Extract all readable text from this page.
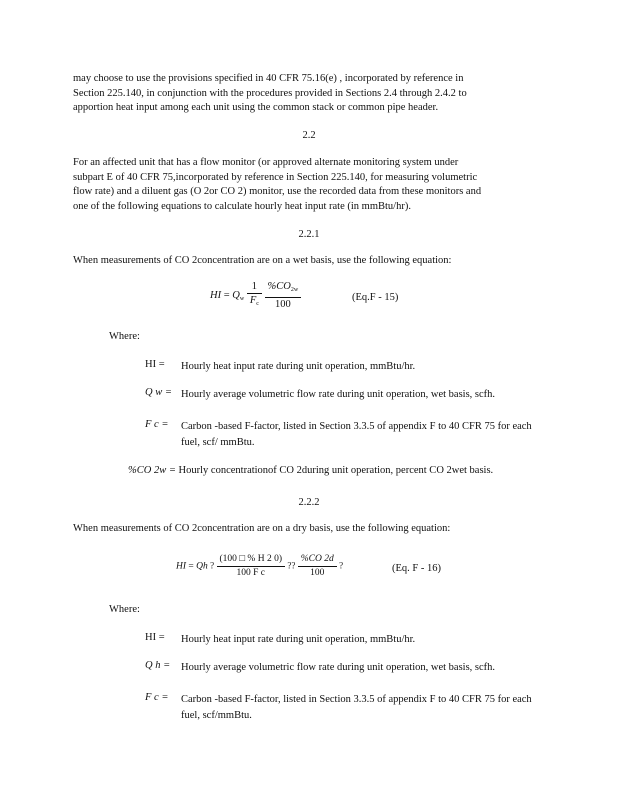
may choose to use the provisions specified in 40 CFR 75.16(e) , incorporated by reference in
Section 225.140, in conjunction with the procedures provided in Sections 2.4 through 2.4.2 to
apportion heat input among each unit using the common stack or common pipe header.
2.2
For an affected unit that has a flow monitor (or approved alternate monitoring system under
subpart E of 40 CFR 75,incorporated by reference in Section 225.140, for measuring volumetric
flow rate) and a diluent gas (O 2or CO 2) monitor, use the recorded data from these monitors and
one of the following equations to calculate hourly heat input rate (in mmBtu/hr).
2.2.1
When measurements of CO 2concentration are on a wet basis, use the following equation:
HI = $Q_w \frac{1}{F_c}$
$\frac{\%CO_{2w}}{100}$	(Eq.F - 15)
Where:
HI =	Hourly heat input rate during unit operation, mmBtu/hr.
Q w = Hourly average volumetric flow rate during unit operation, wet basis, scfh.
F c =	Carbon -based F-factor, listed in Section 3.3.5 of appendix F to 40 CFR 75 for each fuel, scf/ mmBtu.
%CO 2w = Hourly concentrationof CO 2during unit operation, percent CO 2wet basis.
2.2.2
When measurements of CO 2concentration are on a dry basis, use the following equation:
HI = Qh ? $\frac{(100 □ \% H 2 0)}{\text{100 F c}}$ ?? $\frac{\%CO 2d}{100}$ ?	(Eq. F - 16)
Where:
HI =	Hourly heat input rate during unit operation, mmBtu/hr.
Q h =	Hourly average volumetric flow rate during unit operation, wet basis, scfh.
F c =	Carbon -based F-factor, listed in Section 3.3.5 of appendix F to 40 CFR 75 for each fuel, scf/mmBtu.
